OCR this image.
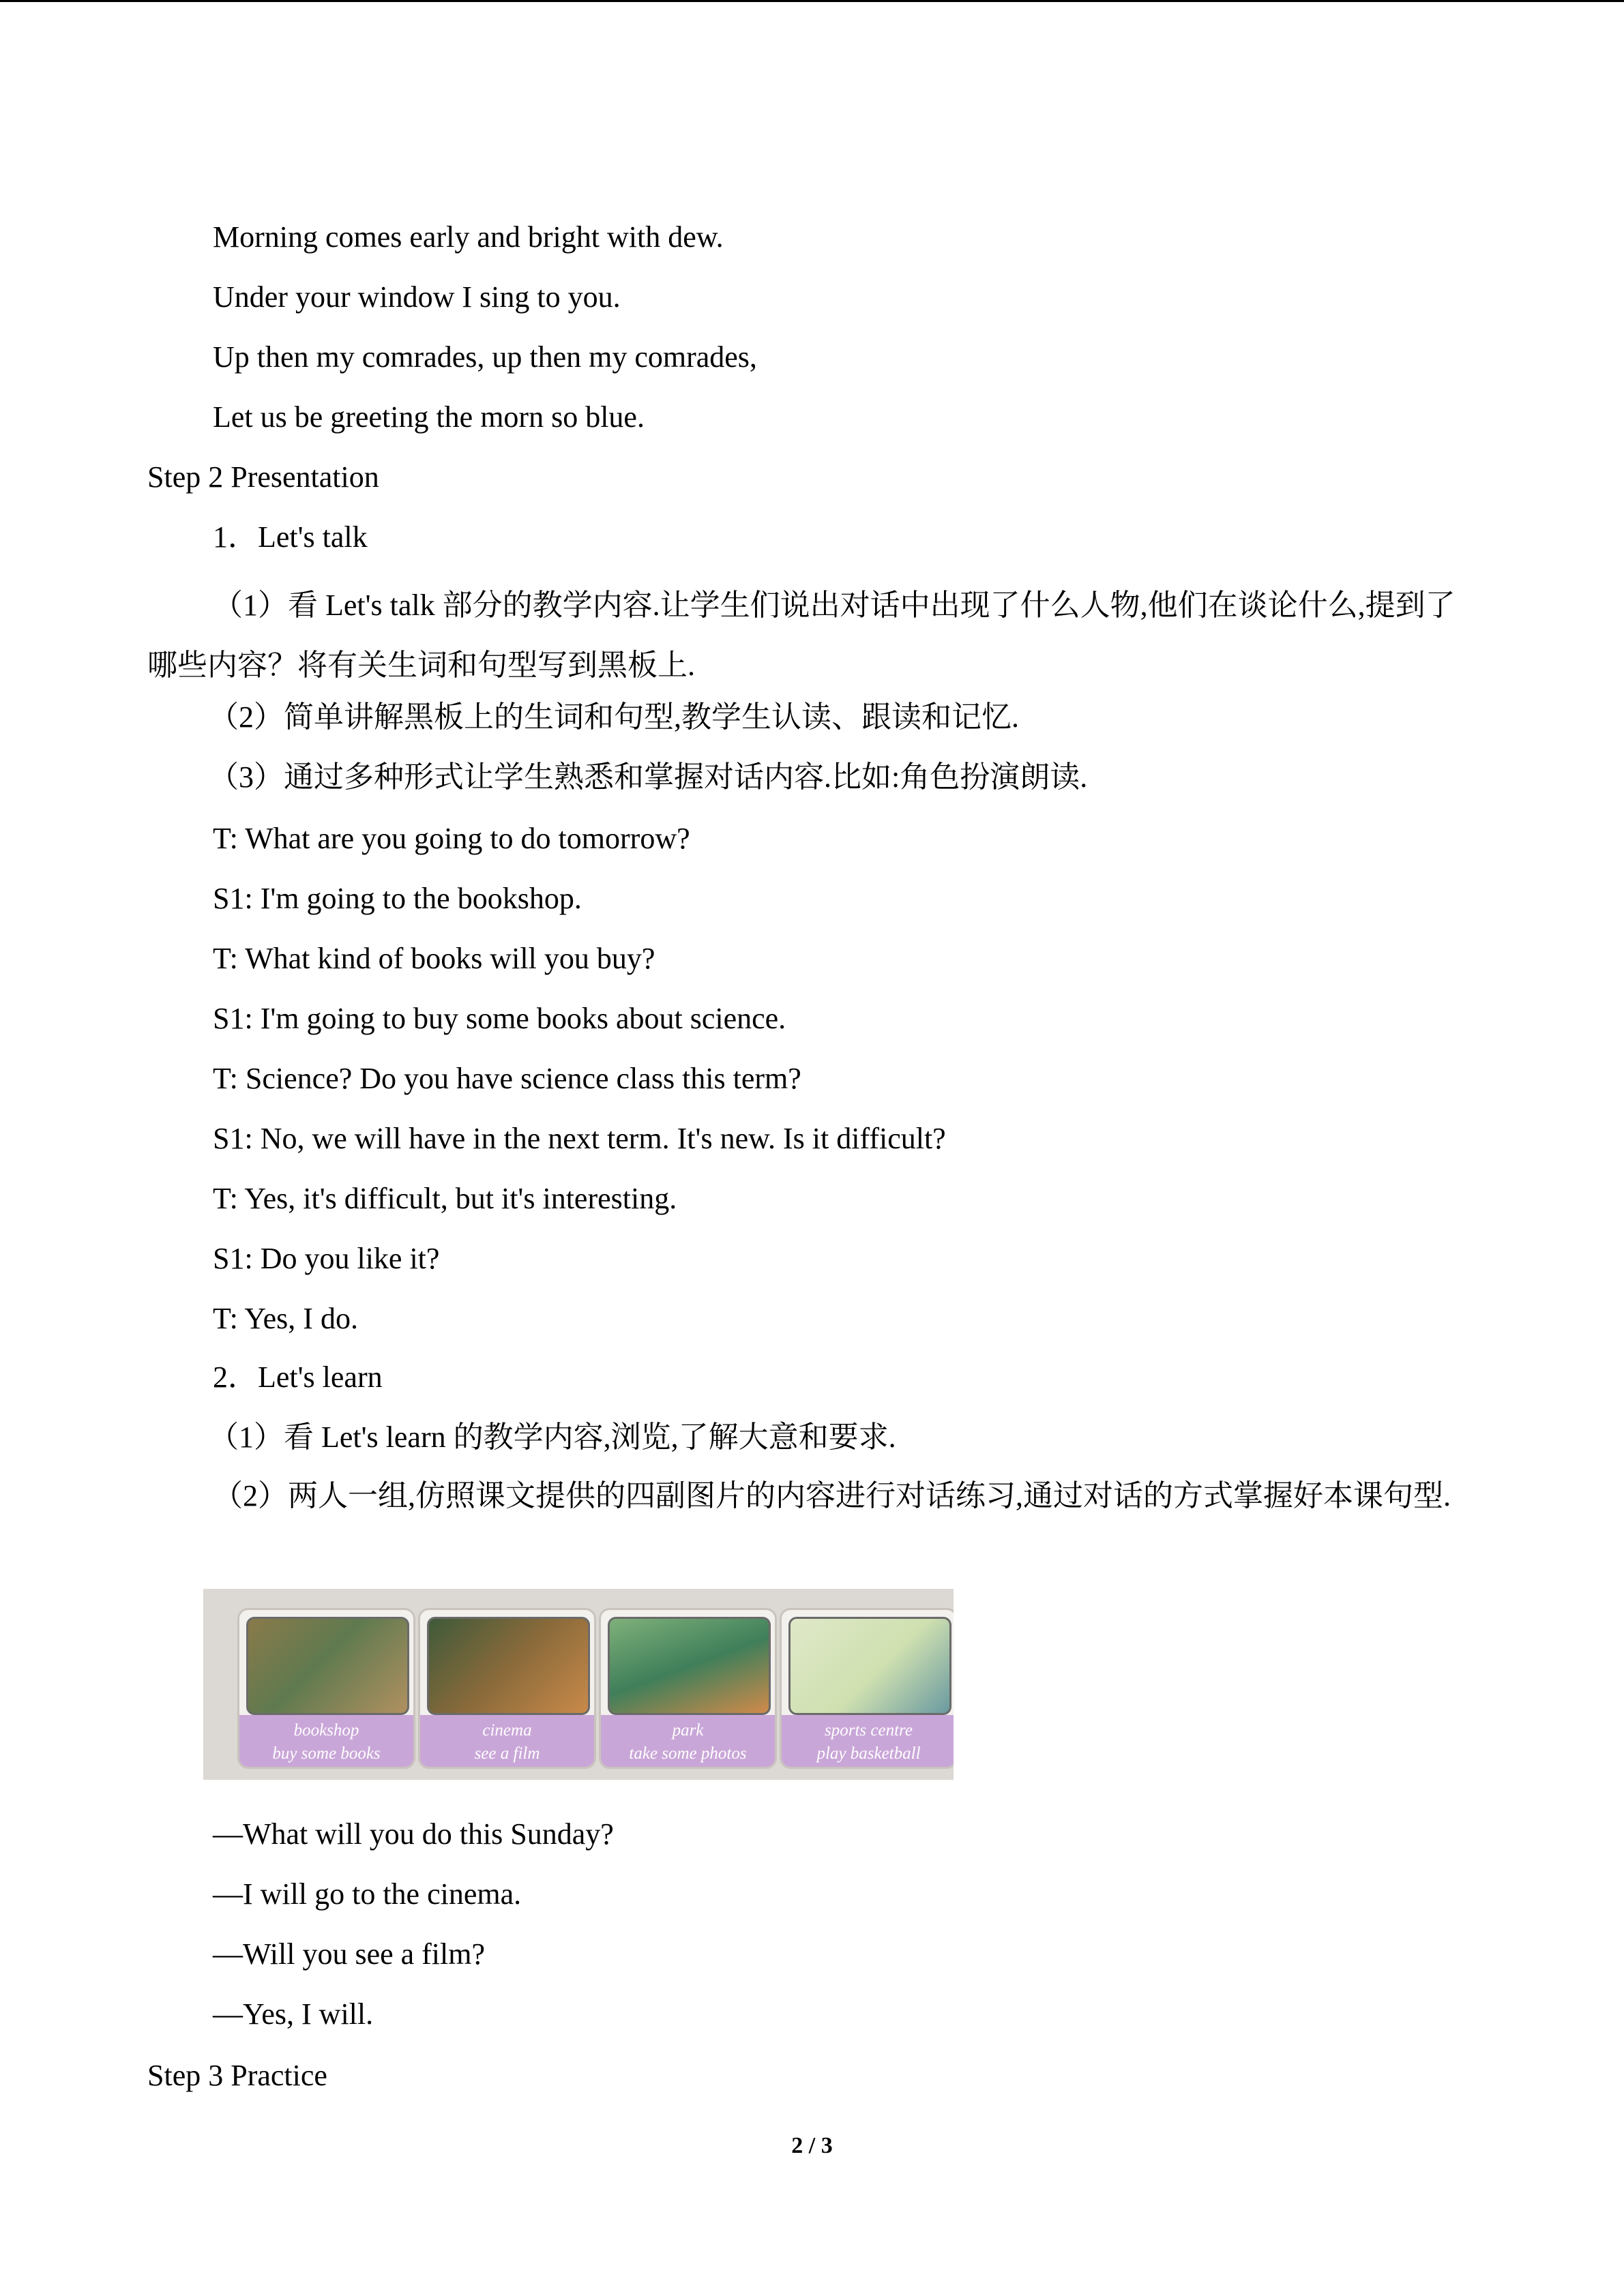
Morning comes early and bright with dew.
Under your window I sing to you.
Up then my comrades, up then my comrades,
Let us be greeting the morn so blue.
Step 2 Presentation
1．Let's talk
（1）看 Let's talk 部分的教学内容.让学生们说出对话中出现了什么人物,他们在谈论什么,提到了哪些内容？将有关生词和句型写到黑板上.
（2）简单讲解黑板上的生词和句型,教学生认读、跟读和记忆.
（3）通过多种形式让学生熟悉和掌握对话内容.比如:角色扮演朗读.
T: What are you going to do tomorrow?
S1: I'm going to the bookshop.
T: What kind of books will you buy?
S1: I'm going to buy some books about science.
T: Science? Do you have science class this term?
S1: No, we will have in the next term. It's new. Is it difficult?
T: Yes, it's difficult, but it's interesting.
S1: Do you like it?
T: Yes, I do.
2．Let's learn
（1）看 Let's learn 的教学内容,浏览,了解大意和要求.
（2）两人一组,仿照课文提供的四副图片的内容进行对话练习,通过对话的方式掌握好本课句型.
bookshop
buy some books
cinema
see a film
park
take some photos
sports centre
play basketball
—What will you do this Sunday?
—I will go to the cinema.
—Will you see a film?
—Yes, I will.
Step 3 Practice
2 / 3
